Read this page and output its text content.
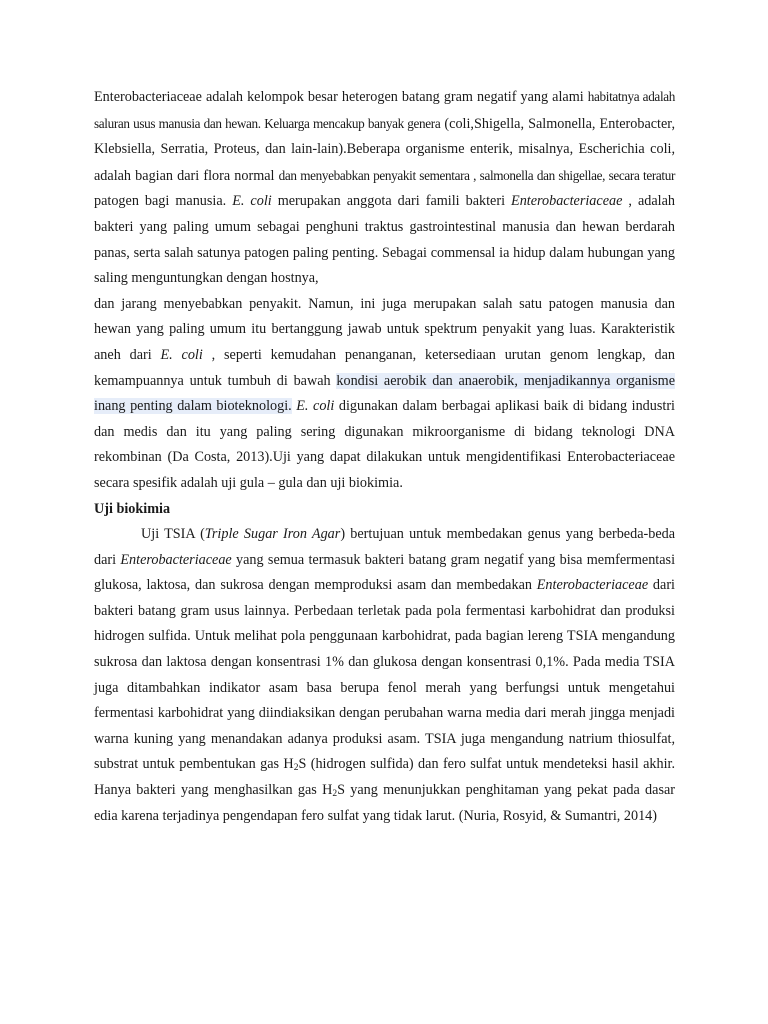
Enterobacteriaceae adalah kelompok besar heterogen batang gram negatif yang alami habitatnya adalah saluran usus manusia dan hewan. Keluarga mencakup banyak genera (coli,Shigella, Salmonella, Enterobacter, Klebsiella, Serratia, Proteus, dan lain-lain).Beberapa organisme enterik, misalnya, Escherichia coli, adalah bagian dari flora normal dan menyebabkan penyakit sementara , salmonella dan shigellae, secara teratur patogen bagi manusia. E. coli merupakan anggota dari famili bakteri Enterobacteriaceae , adalah bakteri yang paling umum sebagai penghuni traktus gastrointestinal manusia dan hewan berdarah panas, serta salah satunya patogen paling penting. Sebagai commensal ia hidup dalam hubungan yang saling menguntungkan dengan hostnya,
dan jarang menyebabkan penyakit. Namun, ini juga merupakan salah satu patogen manusia dan hewan yang paling umum itu bertanggung jawab untuk spektrum penyakit yang luas. Karakteristik aneh dari E. coli , seperti kemudahan penanganan, ketersediaan urutan genom lengkap, dan kemampuannya untuk tumbuh di bawah kondisi aerobik dan anaerobik, menjadikannya organisme inang penting dalam bioteknologi. E. coli digunakan dalam berbagai aplikasi baik di bidang industri dan medis dan itu yang paling sering digunakan mikroorganisme di bidang teknologi DNA rekombinan (Da Costa, 2013).Uji yang dapat dilakukan untuk mengidentifikasi Enterobacteriaceae secara spesifik adalah uji gula – gula dan uji biokimia.

Uji biokimia

Uji TSIA (Triple Sugar Iron Agar) bertujuan untuk membedakan genus yang berbeda-beda dari Enterobacteriaceae yang semua termasuk bakteri batang gram negatif yang bisa memfermentasi glukosa, laktosa, dan sukrosa dengan memproduksi asam dan membedakan Enterobacteriaceae dari bakteri batang gram usus lainnya. Perbedaan terletak pada pola fermentasi karbohidrat dan produksi hidrogen sulfida. Untuk melihat pola penggunaan karbohidrat, pada bagian lereng TSIA mengandung sukrosa dan laktosa dengan konsentrasi 1% dan glukosa dengan konsentrasi 0,1%. Pada media TSIA juga ditambahkan indikator asam basa berupa fenol merah yang berfungsi untuk mengetahui fermentasi karbohidrat yang diindiaksikan dengan perubahan warna media dari merah jingga menjadi warna kuning yang menandakan adanya produksi asam. TSIA juga mengandung natrium thiosulfat, substrat untuk pembentukan gas $H_2S$ (hidrogen sulfida) dan fero sulfat untuk mendeteksi hasil akhir. Hanya bakteri yang menghasilkan gas $H_2S$ yang menunjukkan penghitaman yang pekat pada dasar edia karena terjadinya pengendapan fero sulfat yang tidak larut. (Nuria, Rosyid, & Sumantri, 2014)
